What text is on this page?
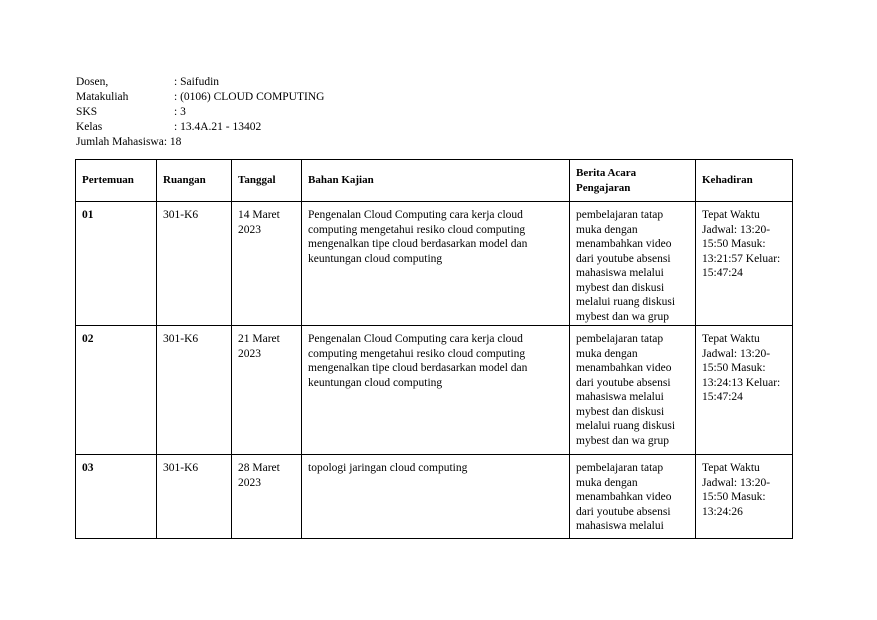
Dosen,	: Saifudin
Matakuliah	: (0106) CLOUD COMPUTING
SKS	: 3
Kelas	: 13.4A.21 - 13402
Jumlah Mahasiswa : 18
Pertemuan	Ruangan	Tanggal	Bahan Kajian	Berita Acara Pengajaran	Kehadiran
01	301-K6	14 Maret 2023	Pengenalan Cloud Computing cara kerja cloud computing mengetahui resiko cloud computing mengenalkan tipe cloud berdasarkan model dan keuntungan cloud computing	pembelajaran tatap muka dengan menambahkan video dari youtube absensi mahasiswa melalui mybest dan diskusi melalui ruang diskusi mybest dan wa grup	Tepat Waktu Jadwal: 13:20-15:50 Masuk: 13:21:57 Keluar: 15:47:24
02	301-K6	21 Maret 2023	Pengenalan Cloud Computing cara kerja cloud computing mengetahui resiko cloud computing mengenalkan tipe cloud berdasarkan model dan keuntungan cloud computing	pembelajaran tatap muka dengan menambahkan video dari youtube absensi mahasiswa melalui mybest dan diskusi melalui ruang diskusi mybest dan wa grup	Tepat Waktu Jadwal: 13:20-15:50 Masuk: 13:24:13 Keluar: 15:47:24

03	301-K6	28 Maret 2023	topologi jaringan cloud computing	pembelajaran tatap muka dengan menambahkan video dari youtube absensi mahasiswa melalui	Tepat Waktu Jadwal: 13:20-15:50 Masuk: 13:24:26
